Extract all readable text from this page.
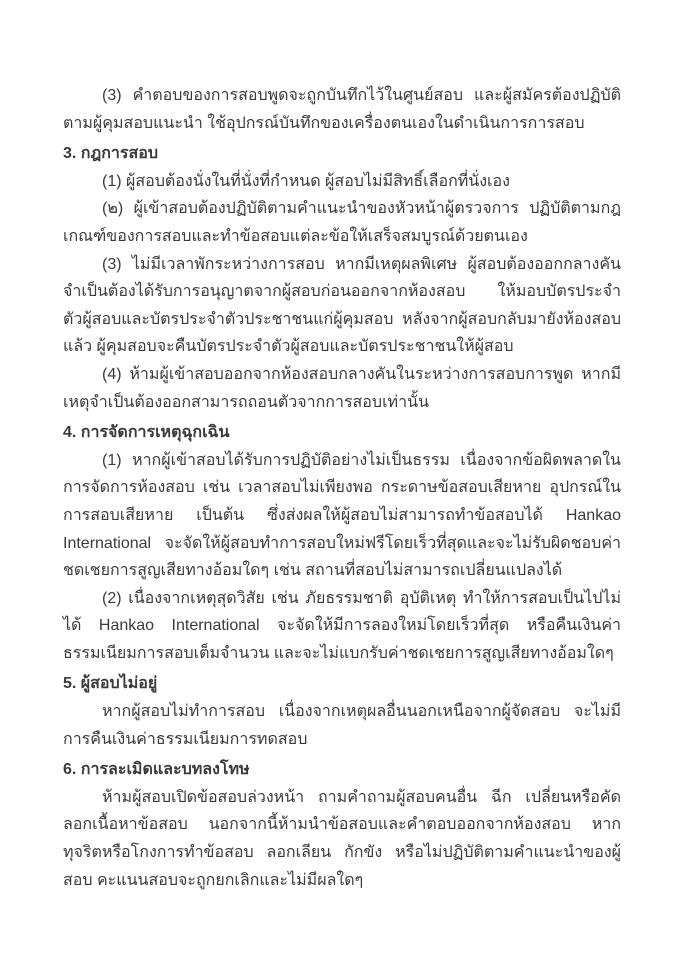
(3) คำตอบของการสอบพูดจะถูกบันทึกไว้ในศูนย์สอบ และผู้สมัครต้องปฏิบัติตามผู้คุมสอบแนะนำ ใช้อุปกรณ์บันทึกของเครื่องตนเองในดำเนินการการสอบ

3. กฎการสอบ

(1) ผู้สอบต้องนั่งในที่นั่งที่กำหนด ผู้สอบไม่มีสิทธิ์เลือกที่นั่งเอง

(๒) ผู้เข้าสอบต้องปฏิบัติตามคำแนะนำของหัวหน้าผู้ตรวจการ ปฏิบัติตามกฎเกณฑ์ของการสอบและทำข้อสอบแต่ละข้อให้เสร็จสมบูรณ์ด้วยตนเอง

(3) ไม่มีเวลาพักระหว่างการสอบ หากมีเหตุผลพิเศษ ผู้สอบต้องออกกลางคันจำเป็นต้องได้รับการอนุญาตจากผู้สอบก่อนออกจากห้องสอบ ให้มอบบัตรประจำตัวผู้สอบและบัตรประจำตัวประชาชนแก่ผู้คุมสอบ หลังจากผู้สอบกลับมายังห้องสอบแล้ว ผู้คุมสอบจะคืนบัตรประจำตัวผู้สอบและบัตรประชาชนให้ผู้สอบ

(4) ห้ามผู้เข้าสอบออกจากห้องสอบกลางคันในระหว่างการสอบการพูด หากมีเหตุจำเป็นต้องออกสามารถถอนตัวจากการสอบเท่านั้น

4. การจัดการเหตุฉุกเฉิน

(1) หากผู้เข้าสอบได้รับการปฏิบัติอย่างไม่เป็นธรรม เนื่องจากข้อผิดพลาดในการจัดการห้องสอบ เช่น เวลาสอบไม่เพียงพอ กระดาษข้อสอบเสียหาย อุปกรณ์ในการสอบเสียหาย เป็นต้น ซึ่งส่งผลให้ผู้สอบไม่สามารถทำข้อสอบได้ Hankao International จะจัดให้ผู้สอบทำการสอบใหม่ฟรีโดยเร็วที่สุดและจะไม่รับผิดชอบค่าชดเชยการสูญเสียทางอ้อมใดๆ เช่น สถานที่สอบไม่สามารถเปลี่ยนแปลงได้

(2) เนื่องจากเหตุสุดวิสัย เช่น ภัยธรรมชาติ อุบัติเหตุ ทำให้การสอบเป็นไปไม่ได้ Hankao International จะจัดให้มีการลองใหม่โดยเร็วที่สุด หรือคืนเงินค่าธรรมเนียมการสอบเต็มจำนวน และจะไม่แบกรับค่าชดเชยการสูญเสียทางอ้อมใดๆ

5. ผู้สอบไม่อยู่

หากผู้สอบไม่ทำการสอบ เนื่องจากเหตุผลอื่นนอกเหนือจากผู้จัดสอบ จะไม่มีการคืนเงินค่าธรรมเนียมการทดสอบ

6. การละเมิดและบทลงโทษ

ห้ามผู้สอบเปิดข้อสอบล่วงหน้า ถามคำถามผู้สอบคนอื่น ฉีก เปลี่ยนหรือคัดลอกเนื้อหาข้อสอบ นอกจากนี้ห้ามนำข้อสอบและคำตอบออกจากห้องสอบ หากทุจริตหรือโกงการทำข้อสอบ ลอกเลียน กักขัง หรือไม่ปฏิบัติตามคำแนะนำของผู้สอบ คะแนนสอบจะถูกยกเลิกและไม่มีผลใดๆ
